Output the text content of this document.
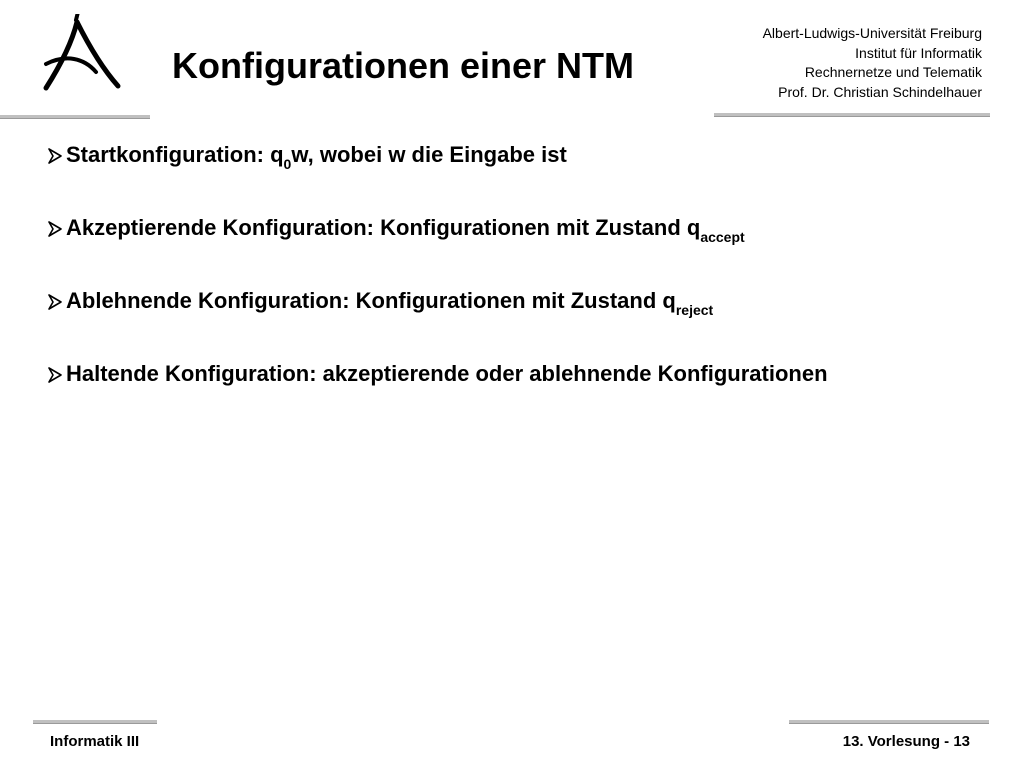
Konfigurationen einer NTM
Albert-Ludwigs-Universität Freiburg
Institut für Informatik
Rechnernetze und Telematik
Prof. Dr. Christian Schindelhauer
Startkonfiguration: $q_0w$, wobei w die Eingabe ist
Akzeptierende Konfiguration: Konfigurationen mit Zustand $q_{accept}$
Ablehnende Konfiguration: Konfigurationen mit Zustand $q_{reject}$
Haltende Konfiguration: akzeptierende oder ablehnende Konfigurationen
Informatik III	13. Vorlesung - 13
